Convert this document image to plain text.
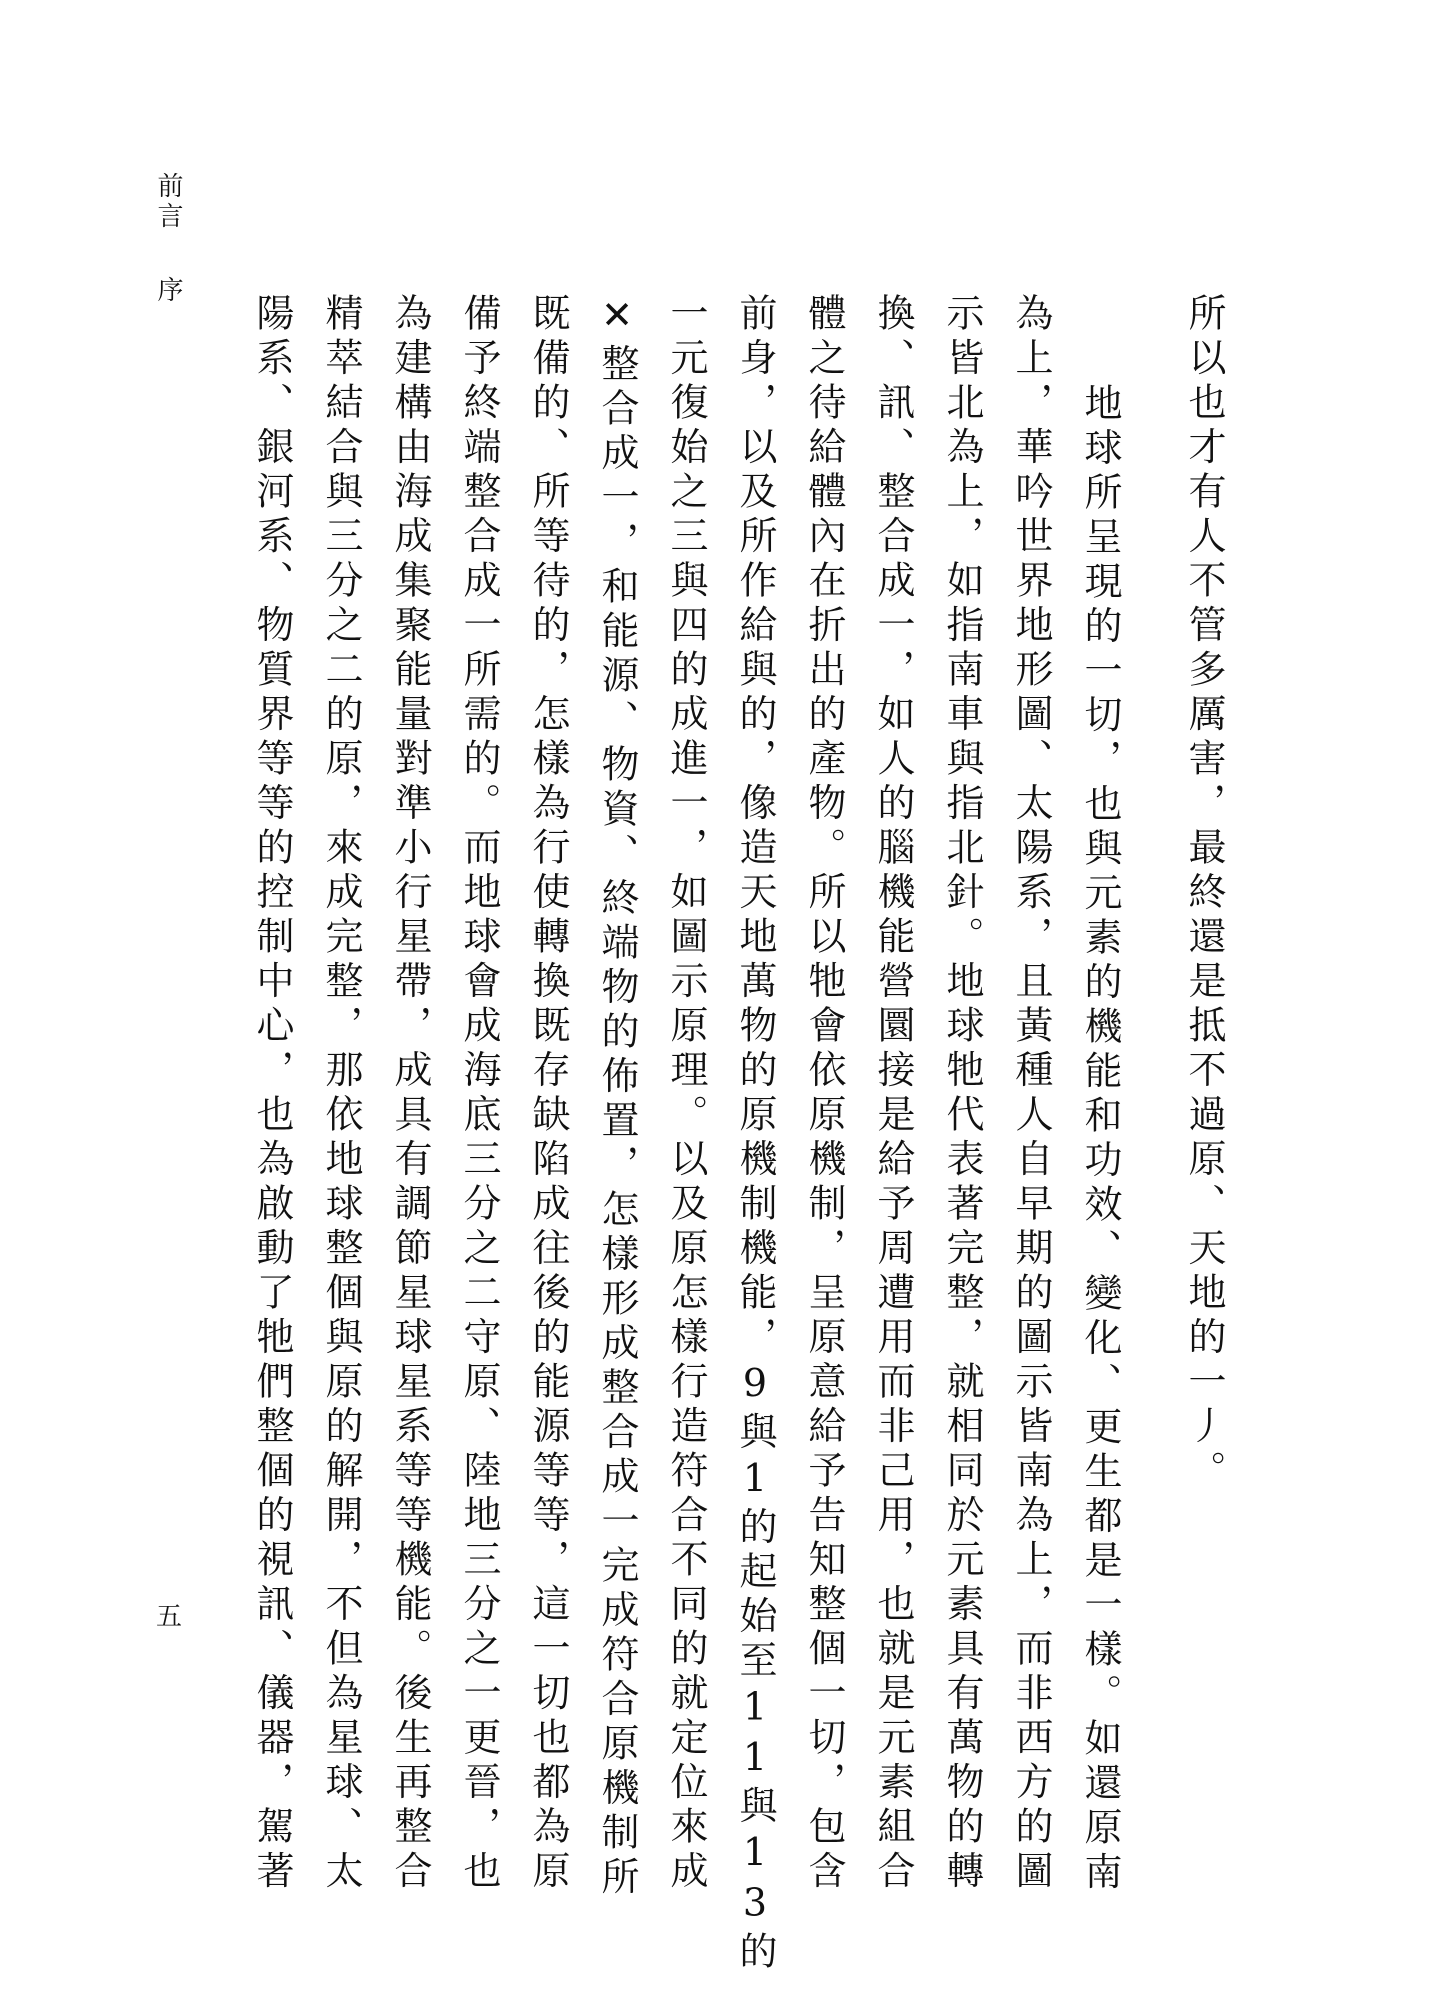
前言
序
五
所以也才有人不管多厲害，最終還是抵不過原、天地的一丿。
地球所呈現的一切，也與元素的機能和功效、變化、更生都是一樣。如還原南
為上，華吟世界地形圖、太陽系，且黃種人自早期的圖示皆南為上，而非西方的圖
示皆北為上，如指南車與指北針。地球牠代表著完整，就相同於元素具有萬物的轉
換、訊、整合成一，如人的腦機能營圜接是給予周遭用而非己用，也就是元素組合
體之待給體內在折出的產物。所以牠會依原機制，呈原意給予告知整個一切，包含
前身，以及所作給與的，像造天地萬物的原機制機能，9與1的起始至11與13的
一元復始之三與四的成進一，如圖示原理。以及原怎樣行造符合不同的就定位來成
✕整合成一，和能源、物資、終端物的佈置，怎樣形成整合成一完成符合原機制所
既備的、所等待的，怎樣為行使轉換既存缺陷成往後的能源等等，這一切也都為原
備予終端整合成一所需的。而地球會成海底三分之二守原、陸地三分之一更晉，也
為建構由海成集聚能量對準小行星帶，成具有調節星球星系等等機能。後生再整合
精萃結合與三分之二的原，來成完整，那依地球整個與原的解開，不但為星球、太
陽系、銀河系、物質界等等的控制中心，也為啟動了牠們整個的視訊、儀器，駕著
